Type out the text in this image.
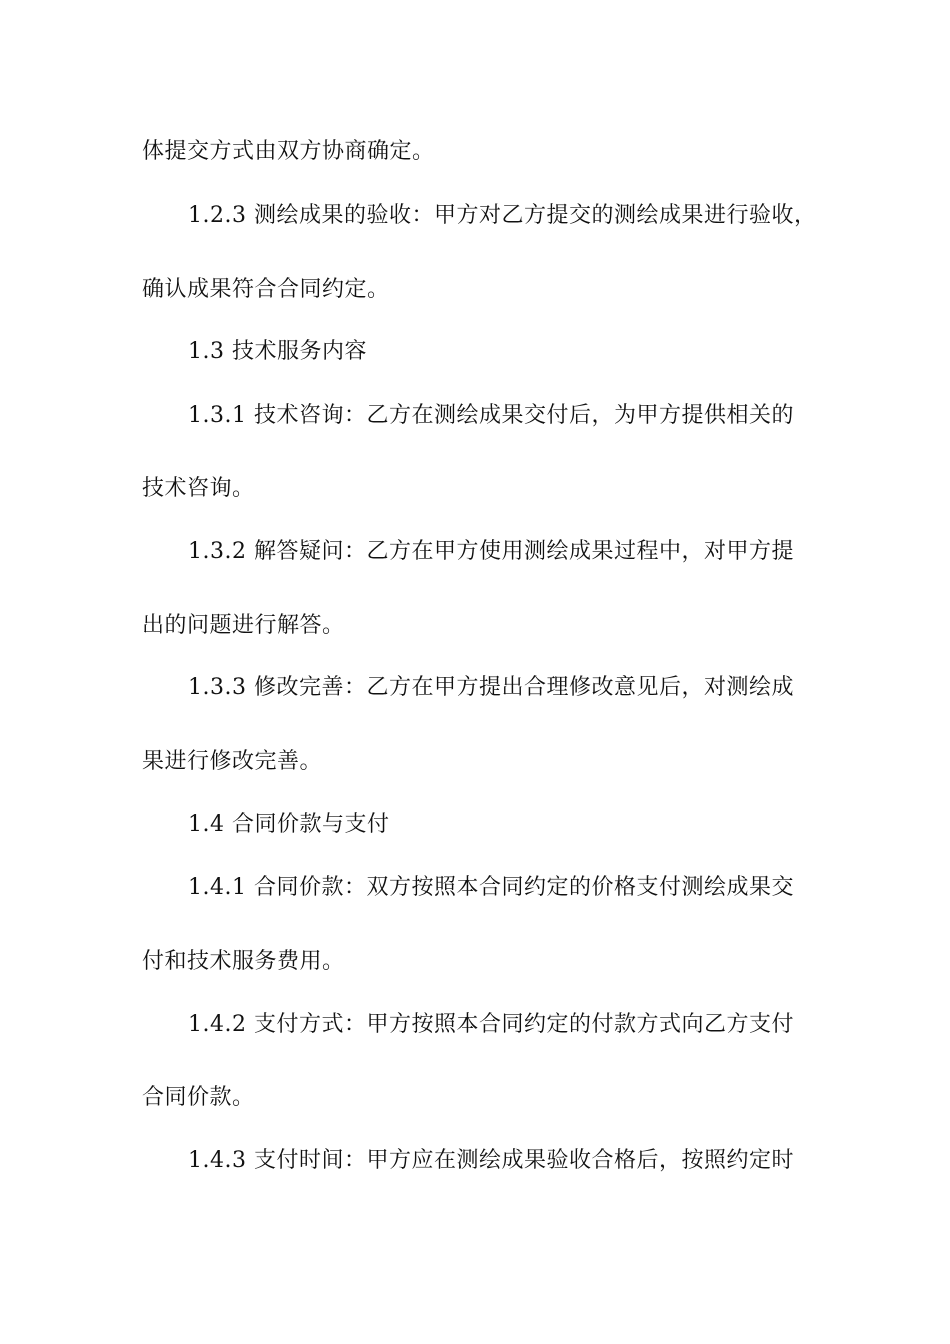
体提交方式由双方协商确定。
1.2.3 测绘成果的验收：甲方对乙方提交的测绘成果进行验收，
确认成果符合合同约定。
1.3 技术服务内容
1.3.1 技术咨询：乙方在测绘成果交付后，为甲方提供相关的
技术咨询。
1.3.2 解答疑问：乙方在甲方使用测绘成果过程中，对甲方提
出的问题进行解答。
1.3.3 修改完善：乙方在甲方提出合理修改意见后，对测绘成
果进行修改完善。
1.4 合同价款与支付
1.4.1 合同价款：双方按照本合同约定的价格支付测绘成果交
付和技术服务费用。
1.4.2 支付方式：甲方按照本合同约定的付款方式向乙方支付
合同价款。
1.4.3 支付时间：甲方应在测绘成果验收合格后，按照约定时
